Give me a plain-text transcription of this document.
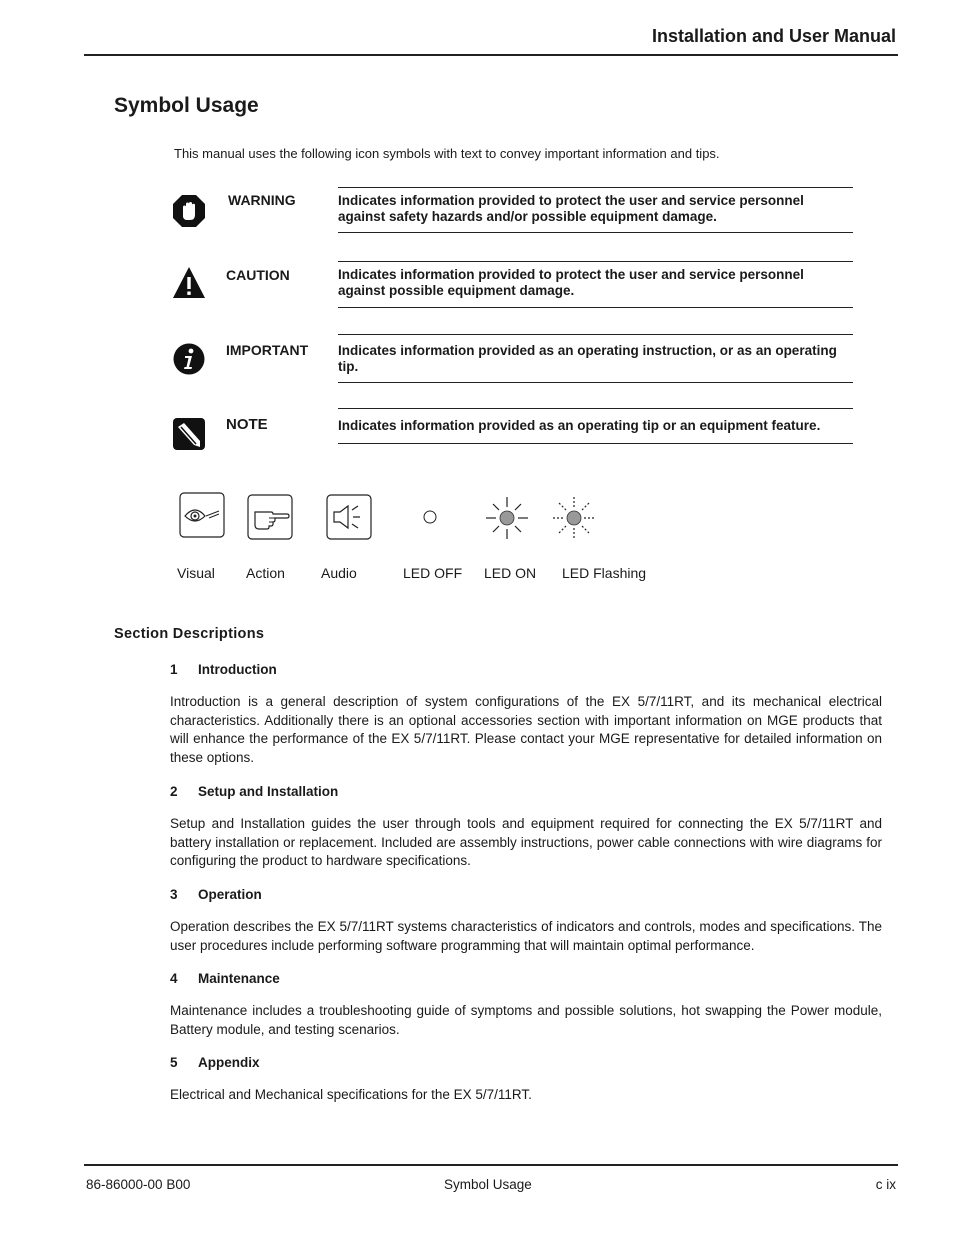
Installation and User Manual
Symbol Usage
This manual uses the following icon symbols with text to convey important information and tips.
WARNING	Indicates information provided to protect the user and service personnel against safety hazards and/or possible equipment damage.
CAUTION	Indicates information provided to protect the user and service personnel against possible equipment damage.
IMPORTANT Indicates information provided as an operating instruction, or as an operating tip.
NOTE	Indicates information provided as an operating tip or an equipment feature.
Visual Action	Audio	LED OFF LED ON LED Flashing
Section Descriptions
1 Introduction
Introduction is a general description of system configurations of the EX 5/7/11RT, and its mechanical electrical characteristics. Additionally there is an optional accessories section with important information on MGE products that will enhance the performance of the EX 5/7/11RT. Please contact your MGE representative for detailed information on these options.
2 Setup and Installation
Setup and Installation guides the user through tools and equipment required for connecting the EX 5/7/11RT and battery installation or replacement. Included are assembly instructions, power cable connections with wire diagrams for configuring the product to hardware specifications.
3 Operation
Operation describes the EX 5/7/11RT systems characteristics of indicators and controls, modes and specifications. The user procedures include performing software programming that will maintain optimal performance.
4 Maintenance
Maintenance includes a troubleshooting guide of symptoms and possible solutions, hot swapping the Power module, Battery module, and testing scenarios.
5 Appendix
Electrical and Mechanical specifications for the EX 5/7/11RT.
86-86000-00 B00	Symbol Usage	c ix
